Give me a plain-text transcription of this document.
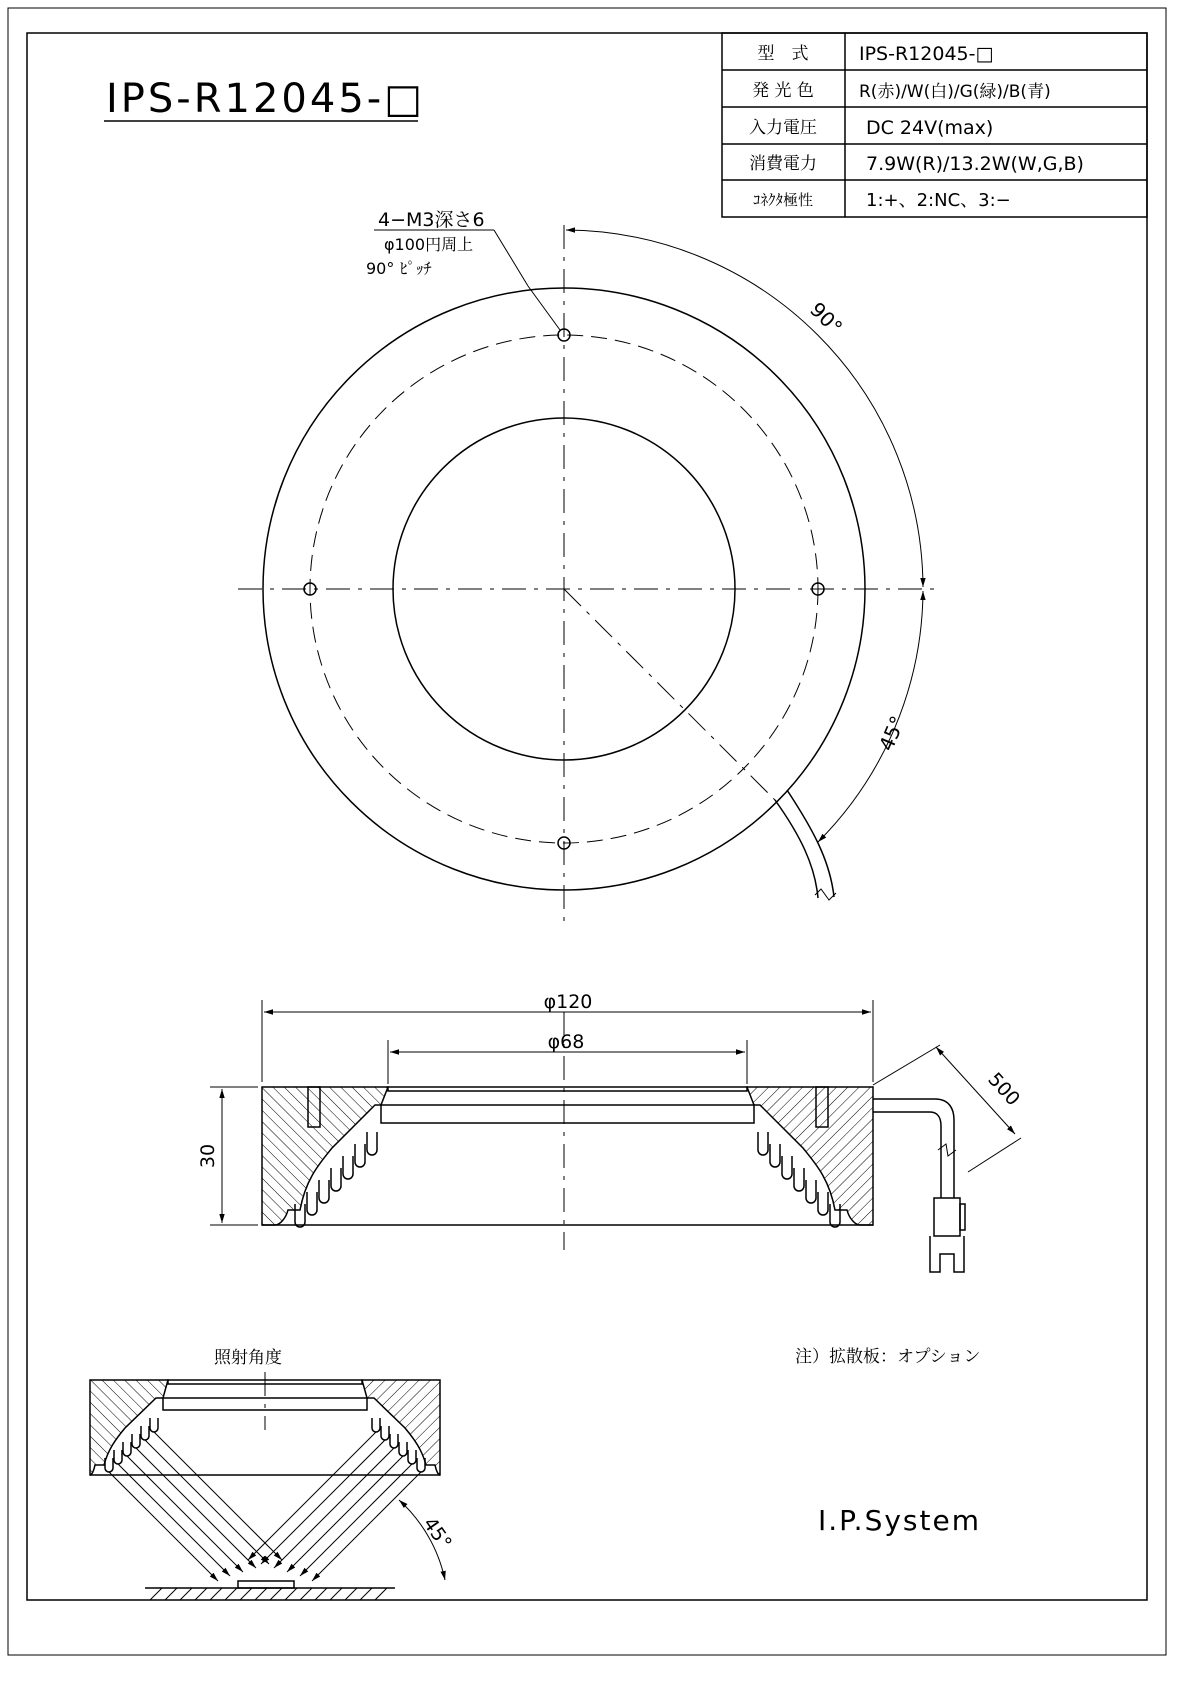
IPS-R12045-□
型　式
発 光 色
入力電圧
消費電力
ｺﾈｸﾀ極性
IPS-R12045-□
R(赤)/W(白)/G(緑)/B(青)
DC 24V(max)
7.9W(R)/13.2W(W,G,B)
1:+、2:NC、3:−
4−M3深さ6
φ100円周上
90° ﾋﾟｯﾁ
90°
45°
φ120
φ68
30
500
照射角度
45°
注）拡散板：オプション
I.P.System
